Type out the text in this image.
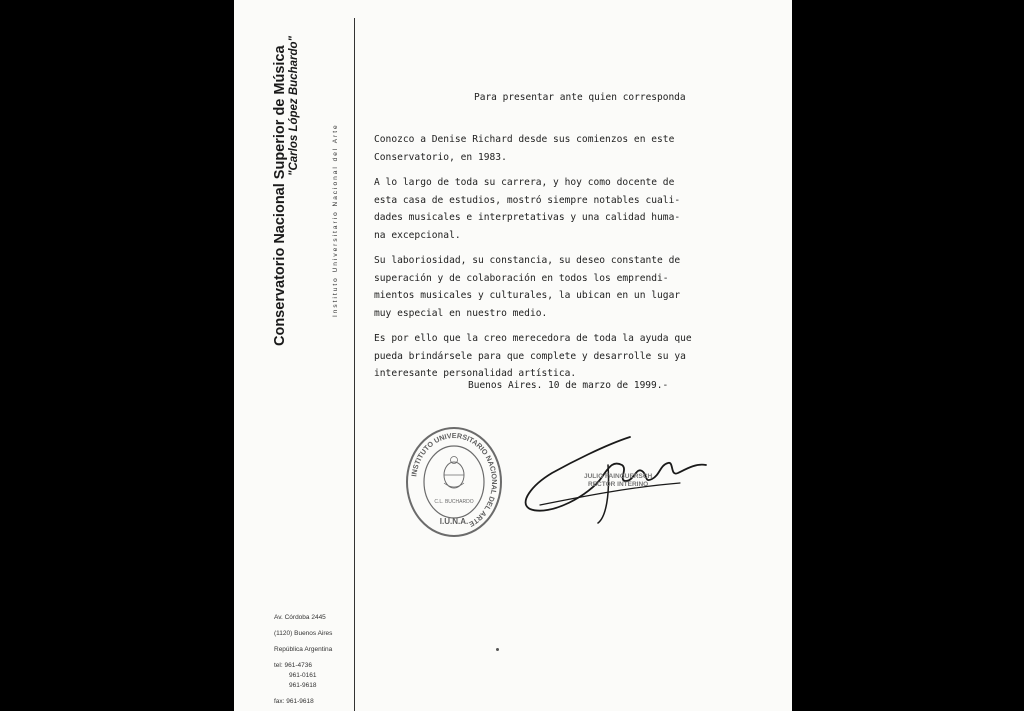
Conservatorio Nacional Superior de Música "Carlos López Buchardo"
Instituto Universitario Nacional del Arte
Av. Córdoba 2445
(1120) Buenos Aires
República Argentina
tel: 961-4736
961-0161
961-9618
fax: 961-9618
Para presentar ante quien corresponda

Conozco a Denise Richard desde sus comienzos en este
Conservatorio, en 1983.

A lo largo de toda su carrera, y hoy como docente de
esta casa de estudios, mostró siempre notables cuali-
dades musicales e interpretativas y una calidad huma-
na excepcional.

Su laboriosidad, su constancia, su deseo constante de
superación y de colaboración en todos los emprendi-
mientos musicales y culturales, la ubican en un lugar
muy especial en nuestro medio.

Es por ello que la creo merecedora de toda la ayuda que
pueda brindársele para que complete y desarrolle su ya
interesante personalidad artística.

Buenos Aires. 10 de marzo de 1999.-
INSTITUTO UNIVERSITARIO NACIONAL DEL ARTE
C.L. BUCHARDO
I.U.N.A.
JULIO FAINGUERSCH
RECTOR INTERINO
